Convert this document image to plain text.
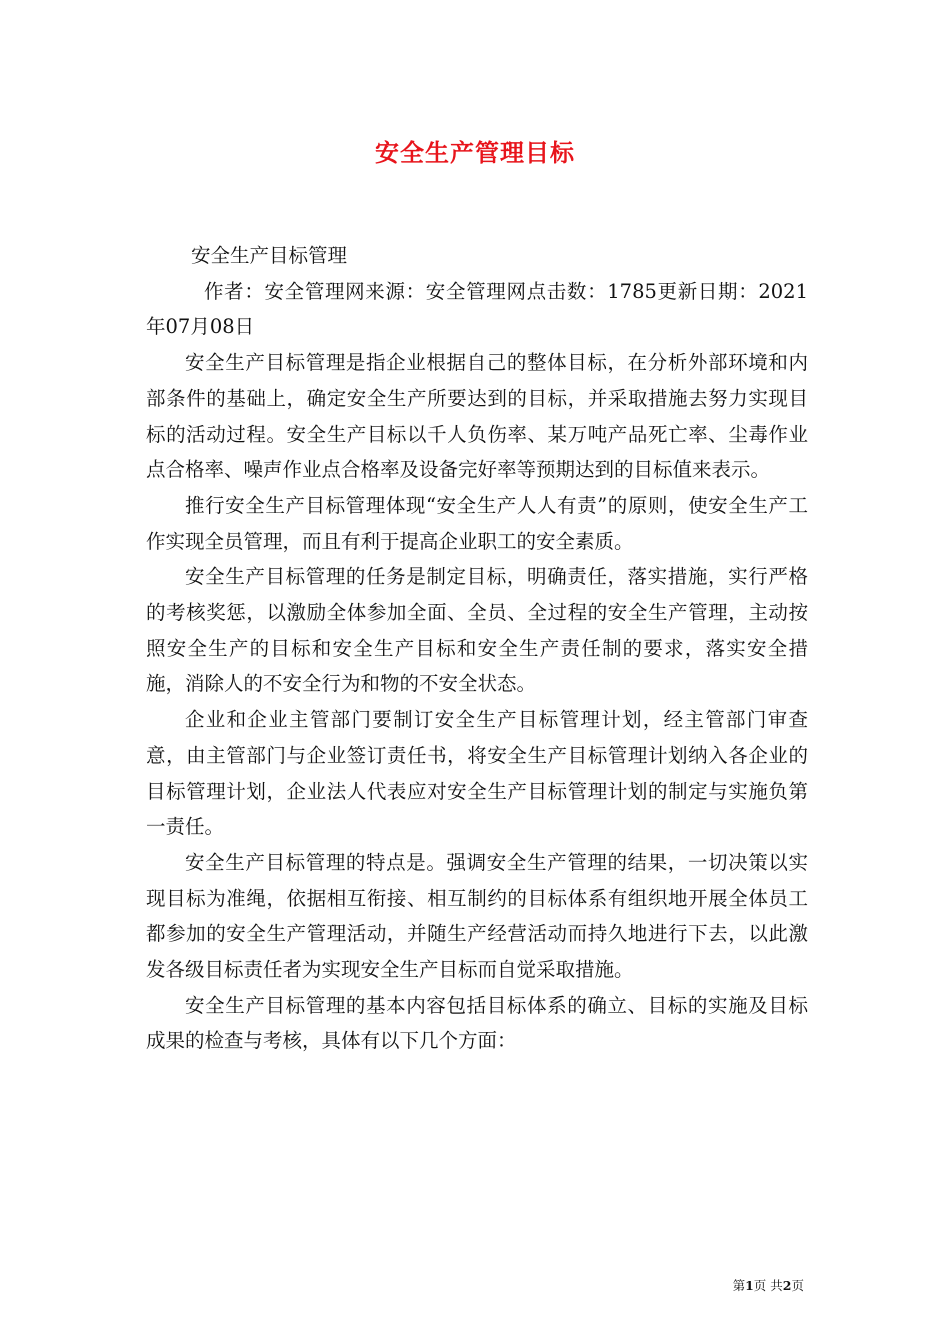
安全生产管理目标

安全生产目标管理

作者：安全管理网来源：安全管理网点击数：1785更新日期：2021年07月08日

安全生产目标管理是指企业根据自己的整体目标，在分析外部环境和内部条件的基础上，确定安全生产所要达到的目标，并采取措施去努力实现目标的活动过程。安全生产目标以千人负伤率、某万吨产品死亡率、尘毒作业点合格率、噪声作业点合格率及设备完好率等预期达到的目标值来表示。

推行安全生产目标管理体现“安全生产人人有责”的原则，使安全生产工作实现全员管理，而且有利于提高企业职工的安全素质。

安全生产目标管理的任务是制定目标，明确责任，落实措施，实行严格的考核奖惩，以激励全体参加全面、全员、全过程的安全生产管理，主动按照安全生产的目标和安全生产目标和安全生产责任制的要求，落实安全措施，消除人的不安全行为和物的不安全状态。

企业和企业主管部门要制订安全生产目标管理计划，经主管部门审查意，由主管部门与企业签订责任书，将安全生产目标管理计划纳入各企业的目标管理计划，企业法人代表应对安全生产目标管理计划的制定与实施负第一责任。

安全生产目标管理的特点是。强调安全生产管理的结果，一切决策以实现目标为准绳，依据相互衔接、相互制约的目标体系有组织地开展全体员工都参加的安全生产管理活动，并随生产经营活动而持久地进行下去，以此激发各级目标责任者为实现安全生产目标而自觉采取措施。

安全生产目标管理的基本内容包括目标体系的确立、目标的实施及目标成果的检查与考核，具体有以下几个方面：

第1页 共2页
